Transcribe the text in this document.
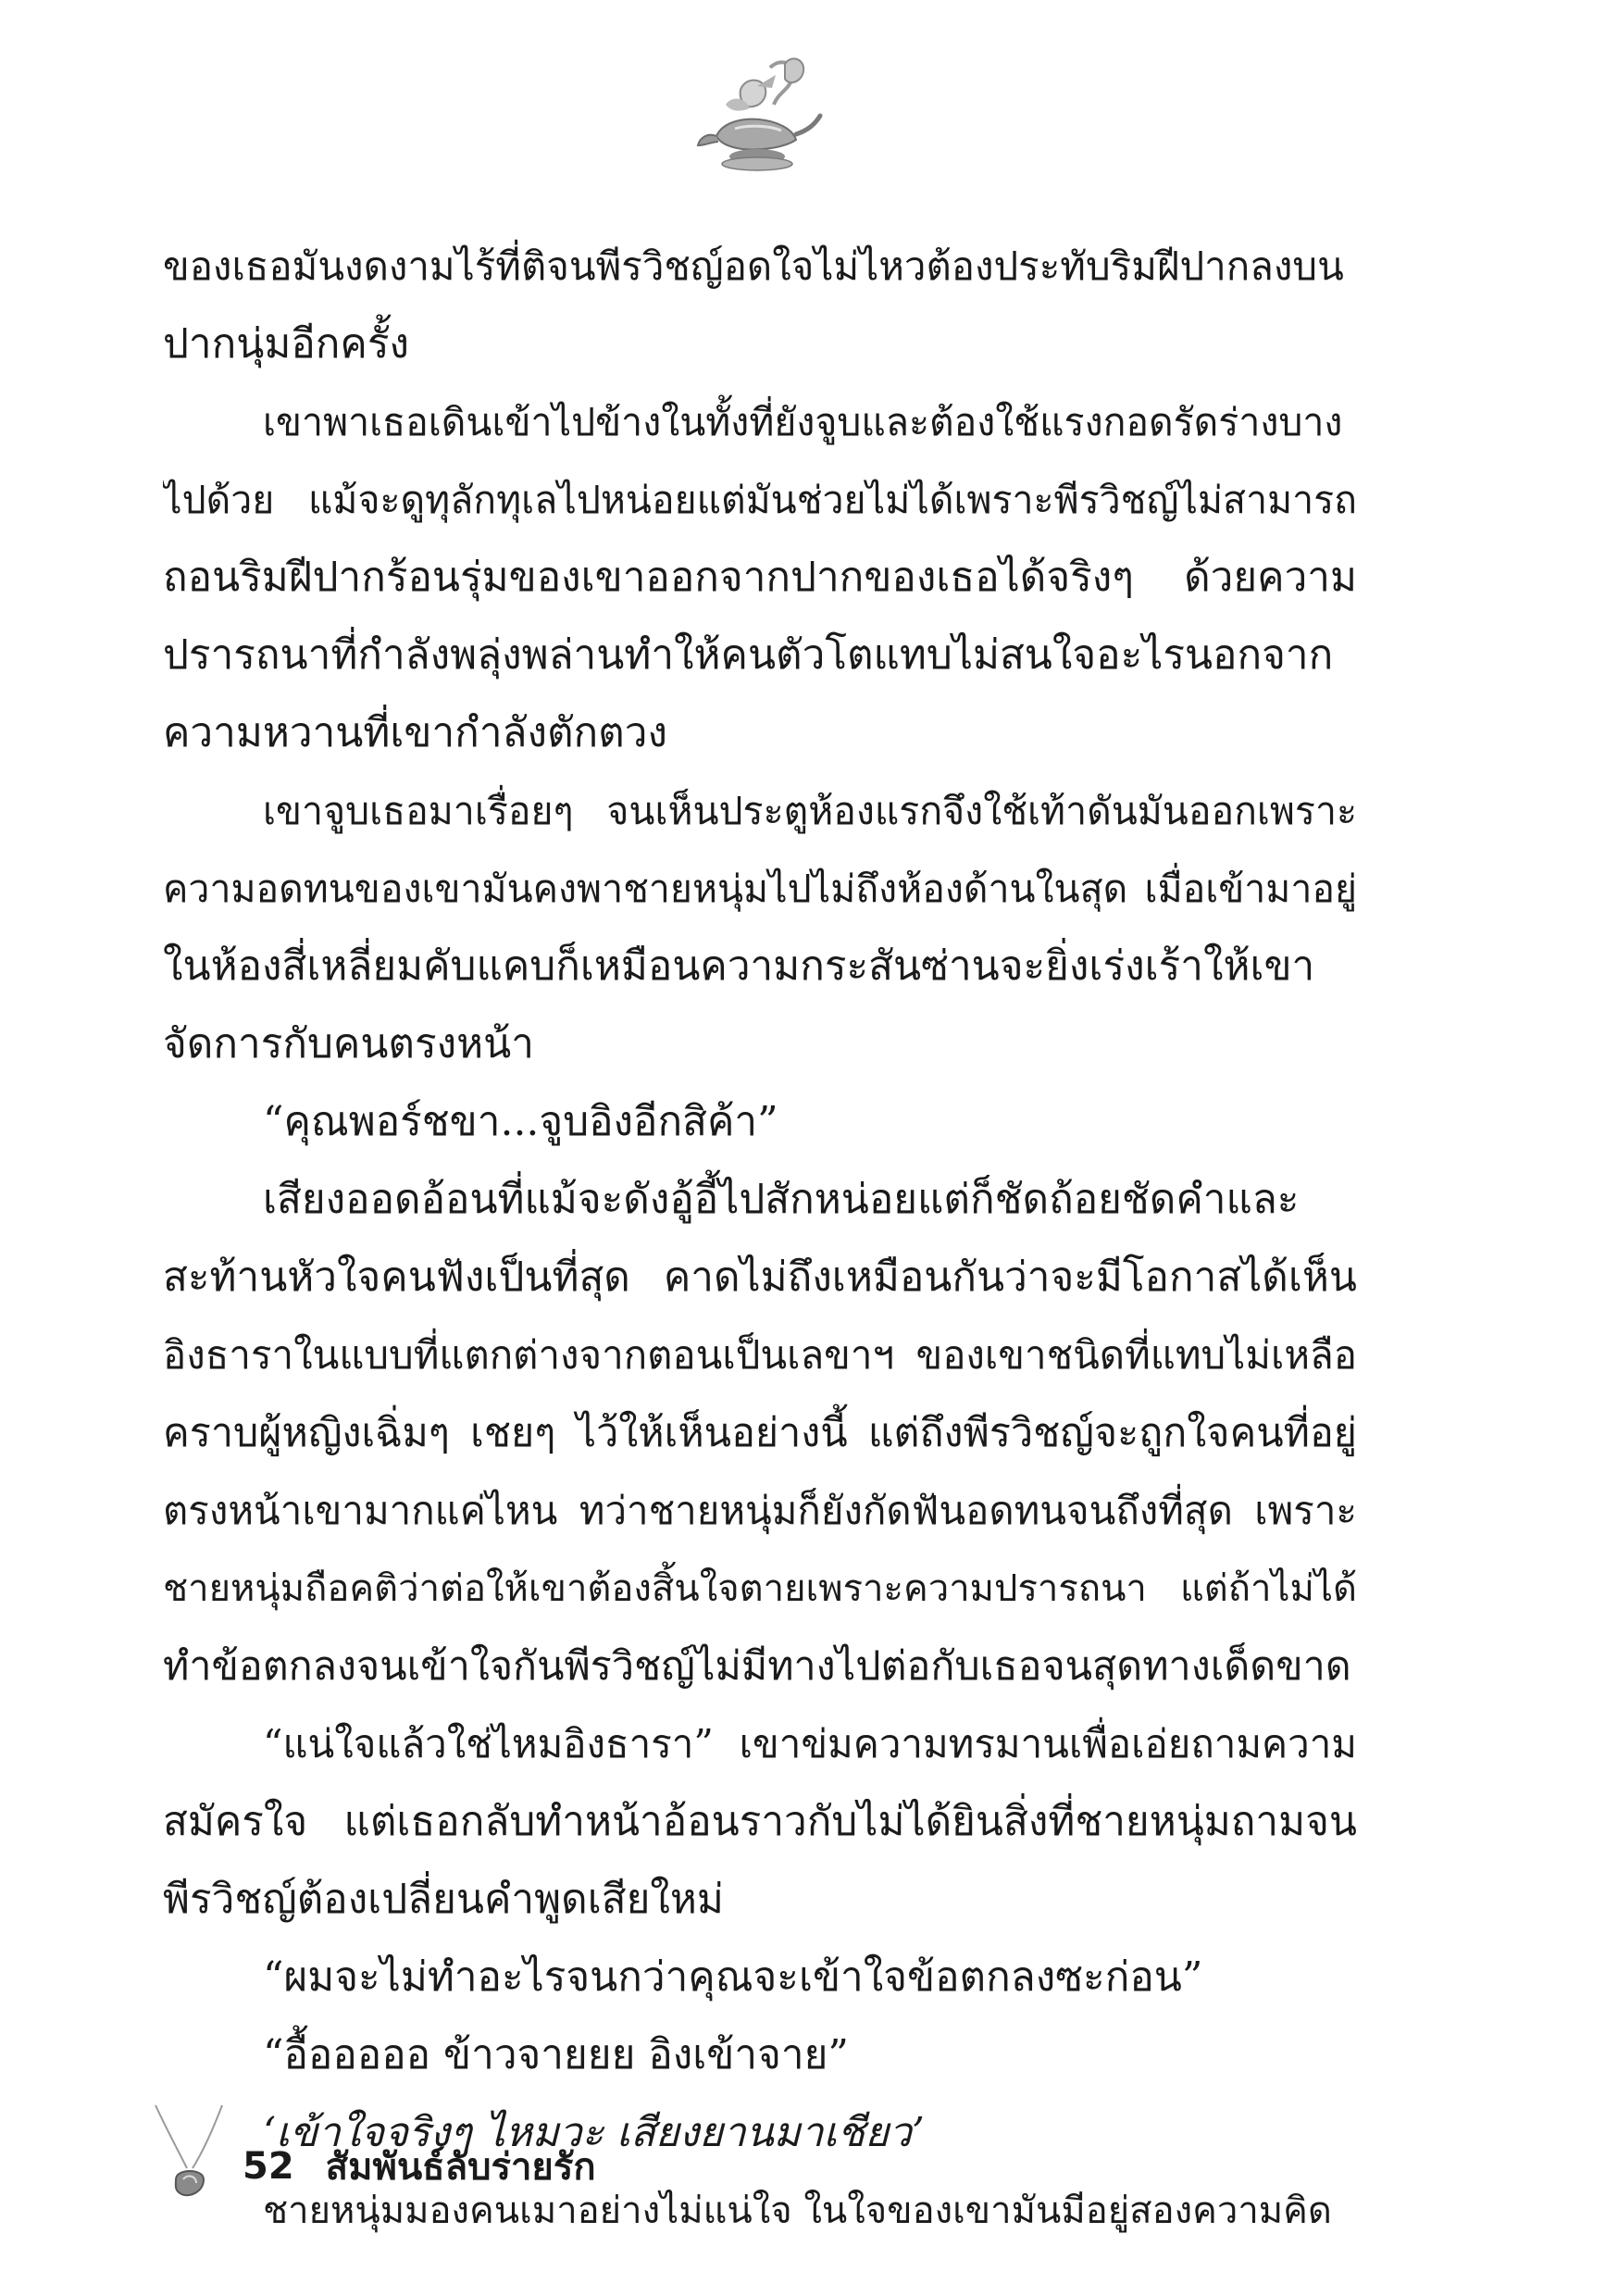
ของเธอมันงดงามไร้ที่ติจนพีรวิชญ์อดใจไม่ไหวต้องประทับริมฝีปากลงบน
ปากนุ่มอีกครั้ง
เขาพาเธอเดินเข้าไปข้างในทั้งที่ยังจูบและต้องใช้แรงกอดรัดร่างบาง
ไปด้วย แม้จะดูทุลักทุเลไปหน่อยแต่มันช่วยไม่ได้เพราะพีรวิชญ์ไม่สามารถ
ถอนริมฝีปากร้อนรุ่มของเขาออกจากปากของเธอได้จริงๆ ด้วยความ
ปรารถนาที่กำลังพลุ่งพล่านทำให้คนตัวโตแทบไม่สนใจอะไรนอกจาก
ความหวานที่เขากำลังตักตวง
เขาจูบเธอมาเรื่อยๆ จนเห็นประตูห้องแรกจึงใช้เท้าดันมันออกเพราะ
ความอดทนของเขามันคงพาชายหนุ่มไปไม่ถึงห้องด้านในสุด เมื่อเข้ามาอยู่
ในห้องสี่เหลี่ยมคับแคบก็เหมือนความกระสันซ่านจะยิ่งเร่งเร้าให้เขา
จัดการกับคนตรงหน้า
“คุณพอร์ชขา...จูบอิงอีกสิค้า”
เสียงออดอ้อนที่แม้จะดังอู้อี้ไปสักหน่อยแต่ก็ชัดถ้อยชัดคำและ
สะท้านหัวใจคนฟังเป็นที่สุด คาดไม่ถึงเหมือนกันว่าจะมีโอกาสได้เห็น
อิงธาราในแบบที่แตกต่างจากตอนเป็นเลขาฯ ของเขาชนิดที่แทบไม่เหลือ
คราบผู้หญิงเฉิ่มๆ เชยๆ ไว้ให้เห็นอย่างนี้ แต่ถึงพีรวิชญ์จะถูกใจคนที่อยู่
ตรงหน้าเขามากแค่ไหน ทว่าชายหนุ่มก็ยังกัดฟันอดทนจนถึงที่สุด เพราะ
ชายหนุ่มถือคติว่าต่อให้เขาต้องสิ้นใจตายเพราะความปรารถนา แต่ถ้าไม่ได้
ทำข้อตกลงจนเข้าใจกันพีรวิชญ์ไม่มีทางไปต่อกับเธอจนสุดทางเด็ดขาด
“แน่ใจแล้วใช่ไหมอิงธารา” เขาข่มความทรมานเพื่อเอ่ยถามความ
สมัครใจ แต่เธอกลับทำหน้าอ้อนราวกับไม่ได้ยินสิ่งที่ชายหนุ่มถามจน
พีรวิชญ์ต้องเปลี่ยนคำพูดเสียใหม่
“ผมจะไม่ทำอะไรจนกว่าคุณจะเข้าใจข้อตกลงซะก่อน”
“อื้อออออ ข้าวจายยย อิงเข้าจาย”
‘เข้าใจจริงๆ ไหมวะ เสียงยานมาเชียว’
ชายหนุ่มมองคนเมาอย่างไม่แน่ใจ ในใจของเขามันมีอยู่สองความคิด
52 สัมพันธ์ลับร่ายรัก
